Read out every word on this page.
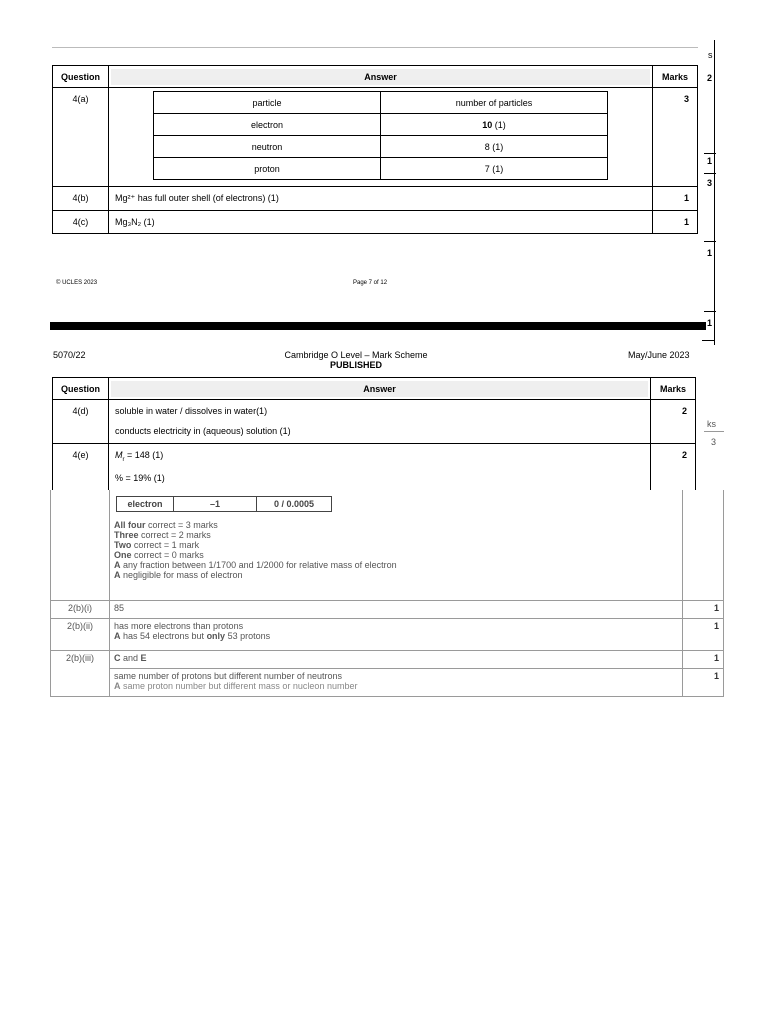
Question	Answer	Marks
4(a)		particle	number of particles
electron	10 (1)
neutron	8 (1)
proton	7 (1)
	3
4(b)	Mg²⁺ has full outer shell (of electrons) (1)	1
4(c)	Mg₃N₂ (1)	1
© UCLES 2023	Page 7 of 12
s
2
1
3
1
1
ks
3
5070/22	Cambridge O Level – Mark Scheme
PUBLISHED
May/June 2023
Question	Answer	Marks
4(d)	soluble in water / dissolves in water(1)
conducts electricity in (aqueous) solution (1)	2
4(e)	$M_r = 148$ (1)
% = 19% (1)	2

electron	–1	0 / 0.0005
All four correct = 3 marks
Three correct = 2 marks
Two correct = 1 mark
One correct = 0 marks
A any fraction between 1/1700 and 1/2000 for relative mass of electron
A negligible for mass of electron

2(b)(i)	85	1
2(b)(ii)	has more electrons than protons
A has 54 electrons but only 53 protons
	1
2(b)(iii)	C and E	1

same number of protons but different number of neutrons
A same proton number but different mass or nucleon number
	1
